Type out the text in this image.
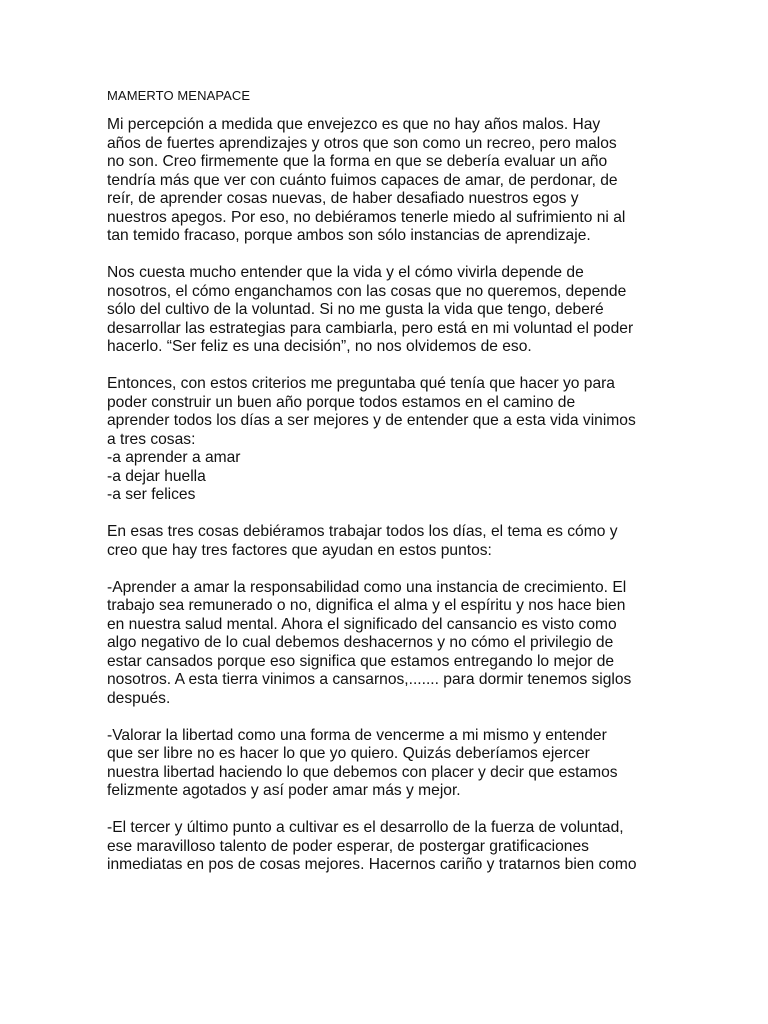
MAMERTO MENAPACE

Mi percepción a medida que envejezco es que no hay años malos. Hay
años de fuertes aprendizajes y otros que son como un recreo, pero malos
no son. Creo firmemente que la forma en que se debería evaluar un año
tendría más que ver con cuánto fuimos capaces de amar, de perdonar, de
reír, de aprender cosas nuevas, de haber desafiado nuestros egos y
nuestros apegos. Por eso, no debiéramos tenerle miedo al sufrimiento ni al
tan temido fracaso, porque ambos son sólo instancias de aprendizaje.

Nos cuesta mucho entender que la vida y el cómo vivirla depende de
nosotros, el cómo enganchamos con las cosas que no queremos, depende
sólo del cultivo de la voluntad. Si no me gusta la vida que tengo, deberé
desarrollar las estrategias para cambiarla, pero está en mi voluntad el poder
hacerlo. “Ser feliz es una decisión”, no nos olvidemos de eso.

Entonces, con estos criterios me preguntaba qué tenía que hacer yo para
poder construir un buen año porque todos estamos en el camino de
aprender todos los días a ser mejores y de entender que a esta vida vinimos
a tres cosas:
-a aprender a amar
-a dejar huella
-a ser felices

En esas tres cosas debiéramos trabajar todos los días, el tema es cómo y
creo que hay tres factores que ayudan en estos puntos:

-Aprender a amar la responsabilidad como una instancia de crecimiento. El
trabajo sea remunerado o no, dignifica el alma y el espíritu y nos hace bien
en nuestra salud mental. Ahora el significado del cansancio es visto como
algo negativo de lo cual debemos deshacernos y no cómo el privilegio de
estar cansados porque eso significa que estamos entregando lo mejor de
nosotros. A esta tierra vinimos a cansarnos,....... para dormir tenemos siglos
después.

-Valorar la libertad como una forma de vencerme a mi mismo y entender
que ser libre no es hacer lo que yo quiero. Quizás deberíamos ejercer
nuestra libertad haciendo lo que debemos con placer y decir que estamos
felizmente agotados y así poder amar más y mejor.

-El tercer y último punto a cultivar es el desarrollo de la fuerza de voluntad,
ese maravilloso talento de poder esperar, de postergar gratificaciones
inmediatas en pos de cosas mejores. Hacernos cariño y tratarnos bien como
